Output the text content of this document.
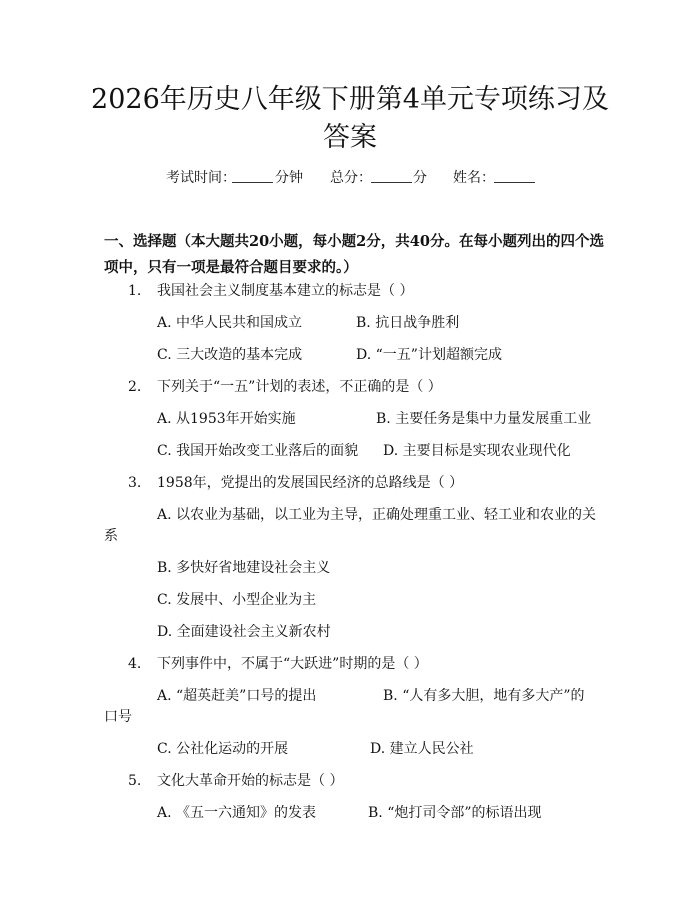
2026年历史八年级下册第4单元专项练习及
答案
考试时间：	分钟 总分：	分 姓名：
一、选择题（本大题共20小题，每小题2分，共40分。在每小题列出的四个选
项中，只有一项是最符合题目要求的。）
1. 我国社会主义制度基本建立的标志是（ ）
A. 中华人民共和国成立	B. 抗日战争胜利
C. 三大改造的基本完成	D. “一五”计划超额完成
2. 下列关于“一五”计划的表述，不正确的是（ ）
A. 从1953年开始实施	B. 主要任务是集中力量发展重工业
C. 我国开始改变工业落后的面貌 D. 主要目标是实现农业现代化
3. 1958年，党提出的发展国民经济的总路线是（ ）
A. 以农业为基础，以工业为主导，正确处理重工业、轻工业和农业的关
系
B. 多快好省地建设社会主义
C. 发展中、小型企业为主
D. 全面建设社会主义新农村
4. 下列事件中，不属于“大跃进”时期的是（ ）
A. “超英赶美”口号的提出	B. “人有多大胆，地有多大产”的
口号
C. 公社化运动的开展	D. 建立人民公社
5. 文化大革命开始的标志是（ ）
A. 《五一六通知》的发表	B. “炮打司令部”的标语出现
